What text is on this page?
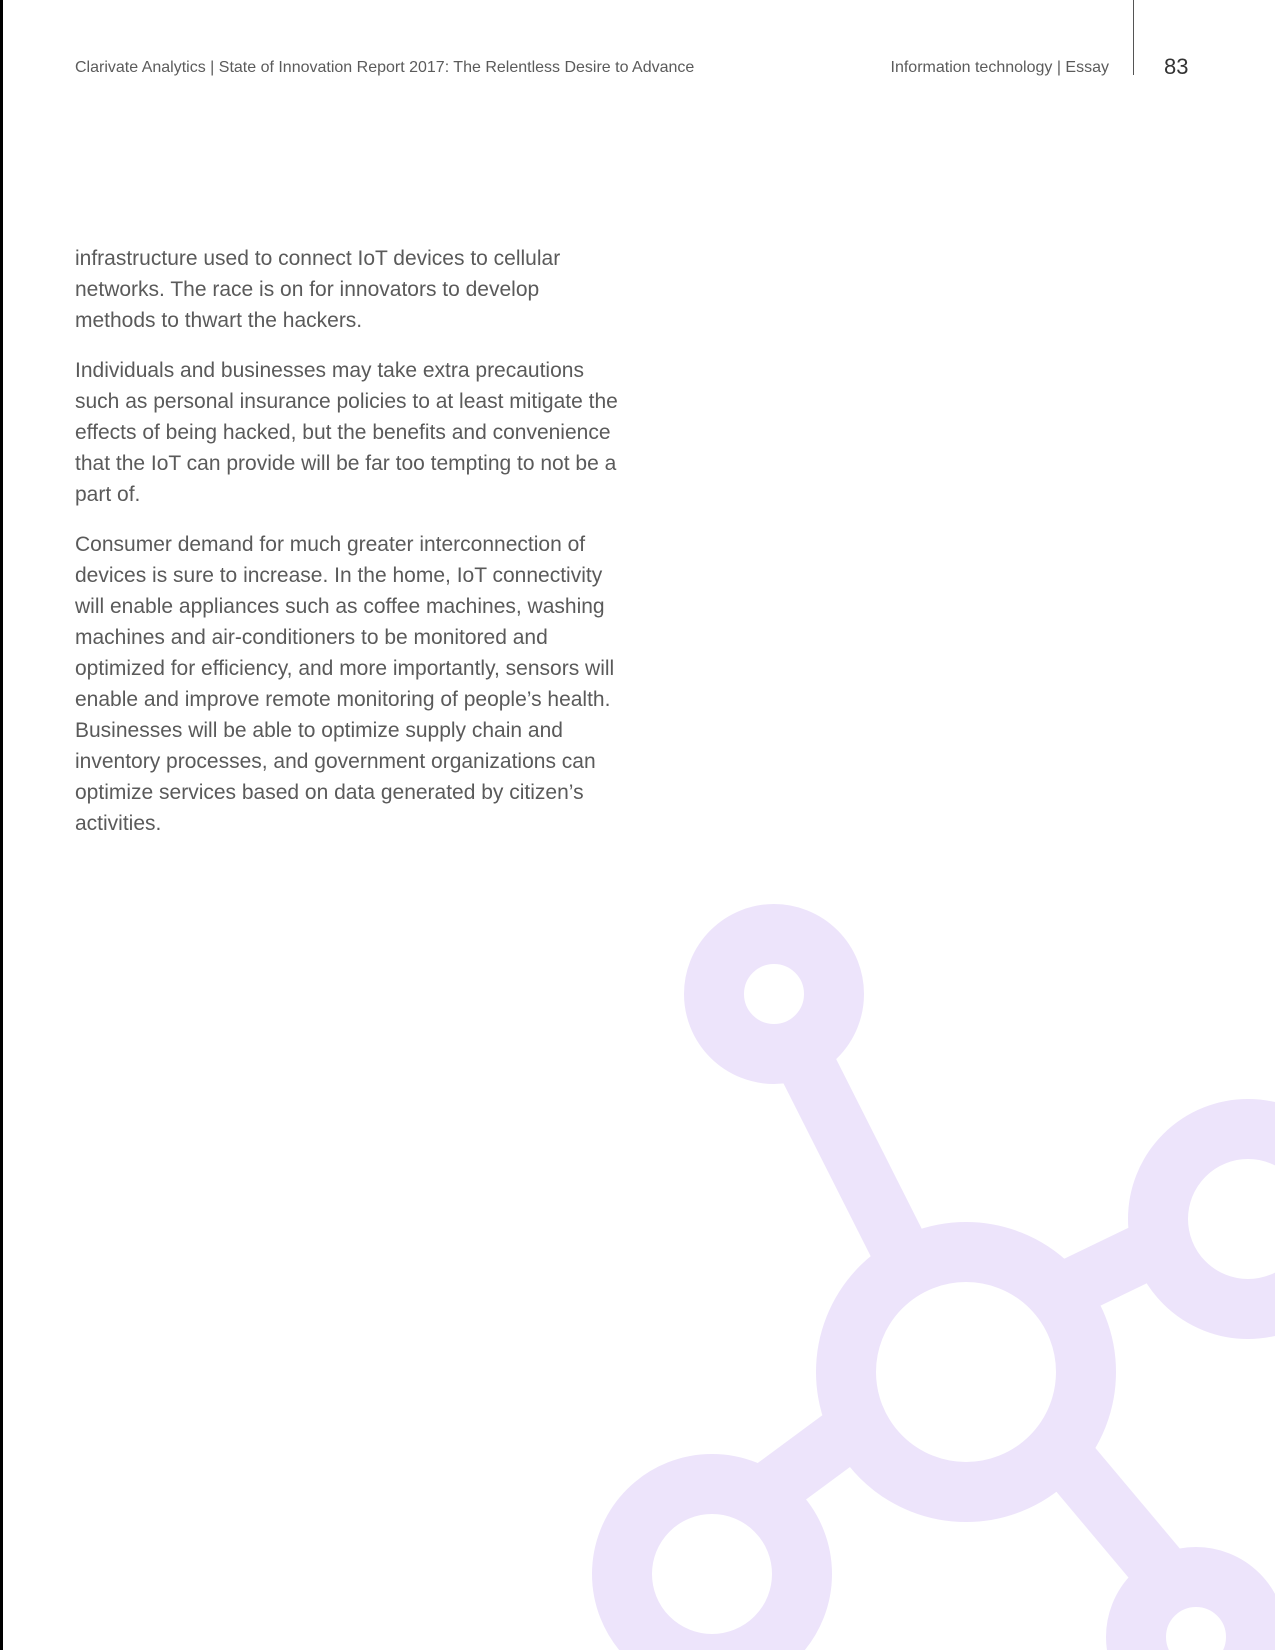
Clarivate Analytics | State of Innovation Report 2017: The Relentless Desire to Advance	Information technology | Essay	83

infrastructure used to connect IoT devices to cellular networks. The race is on for innovators to develop methods to thwart the hackers.

Individuals and businesses may take extra precautions such as personal insurance policies to at least mitigate the effects of being hacked, but the benefits and convenience that the IoT can provide will be far too tempting to not be a part of.

Consumer demand for much greater interconnection of devices is sure to increase. In the home, IoT connectivity will enable appliances such as coffee machines, washing machines and air-conditioners to be monitored and optimized for efficiency, and more importantly, sensors will enable and improve remote monitoring of people’s health. Businesses will be able to optimize supply chain and inventory processes, and government organizations can optimize services based on data generated by citizen’s activities.
